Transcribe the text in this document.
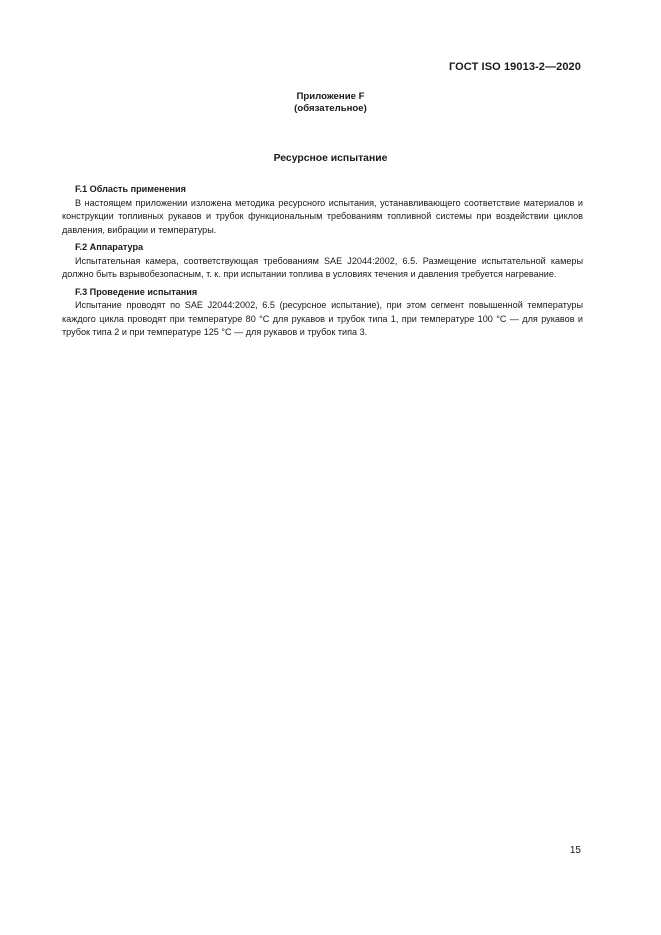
ГОСТ ISO 19013-2—2020
Приложение F
(обязательное)
Ресурсное испытание

F.1 Область применения

В настоящем приложении изложена методика ресурсного испытания, устанавливающего соответствие материалов и конструкции топливных рукавов и трубок функциональным требованиям топливной системы при воздействии циклов давления, вибрации и температуры.

F.2 Аппаратура

Испытательная камера, соответствующая требованиям SAE J2044:2002, 6.5. Размещение испытательной камеры должно быть взрывобезопасным, т. к. при испытании топлива в условиях течения и давления требуется нагревание.

F.3 Проведение испытания

Испытание проводят по SAE J2044:2002, 6.5 (ресурсное испытание), при этом сегмент повышенной температуры каждого цикла проводят при температуре 80 °С для рукавов и трубок типа 1, при температуре 100 °С — для рукавов и трубок типа 2 и при температуре 125 °С — для рукавов и трубок типа 3.

15
